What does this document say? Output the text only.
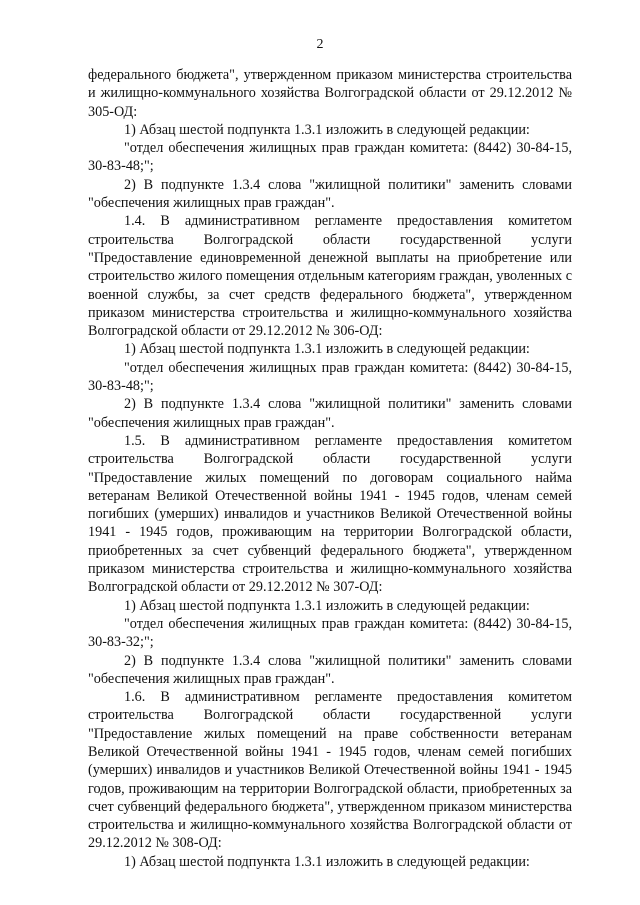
2

федерального бюджета", утвержденном приказом министерства строительства и жилищно-коммунального хозяйства Волгоградской области от 29.12.2012 № 305-ОД:

1) Абзац шестой подпункта 1.3.1 изложить в следующей редакции:

"отдел обеспечения жилищных прав граждан комитета: (8442) 30-84-15, 30-83-48;";

2) В подпункте 1.3.4 слова "жилищной политики" заменить словами "обеспечения жилищных прав граждан".

1.4. В административном регламенте предоставления комитетом строительства Волгоградской области государственной услуги "Предоставление единовременной денежной выплаты на приобретение или строительство жилого помещения отдельным категориям граждан, уволенных с военной службы, за счет средств федерального бюджета", утвержденном приказом министерства строительства и жилищно-коммунального хозяйства Волгоградской области от 29.12.2012 № 306-ОД:

1) Абзац шестой подпункта 1.3.1 изложить в следующей редакции:

"отдел обеспечения жилищных прав граждан комитета: (8442) 30-84-15, 30-83-48;";

2) В подпункте 1.3.4 слова "жилищной политики" заменить словами "обеспечения жилищных прав граждан".

1.5. В административном регламенте предоставления комитетом строительства Волгоградской области государственной услуги "Предоставление жилых помещений по договорам социального найма ветеранам Великой Отечественной войны 1941 - 1945 годов, членам семей погибших (умерших) инвалидов и участников Великой Отечественной войны 1941 - 1945 годов, проживающим на территории Волгоградской области, приобретенных за счет субвенций федерального бюджета", утвержденном приказом министерства строительства и жилищно-коммунального хозяйства Волгоградской области от 29.12.2012 № 307-ОД:

1) Абзац шестой подпункта 1.3.1 изложить в следующей редакции:

"отдел обеспечения жилищных прав граждан комитета: (8442) 30-84-15, 30-83-32;";

2) В подпункте 1.3.4 слова "жилищной политики" заменить словами "обеспечения жилищных прав граждан".

1.6. В административном регламенте предоставления комитетом строительства Волгоградской области государственной услуги "Предоставление жилых помещений на праве собственности ветеранам Великой Отечественной войны 1941 - 1945 годов, членам семей погибших (умерших) инвалидов и участников Великой Отечественной войны 1941 - 1945 годов, проживающим на территории Волгоградской области, приобретенных за счет субвенций федерального бюджета", утвержденном приказом министерства строительства и жилищно-коммунального хозяйства Волгоградской области от 29.12.2012 № 308-ОД:

1) Абзац шестой подпункта 1.3.1 изложить в следующей редакции:
